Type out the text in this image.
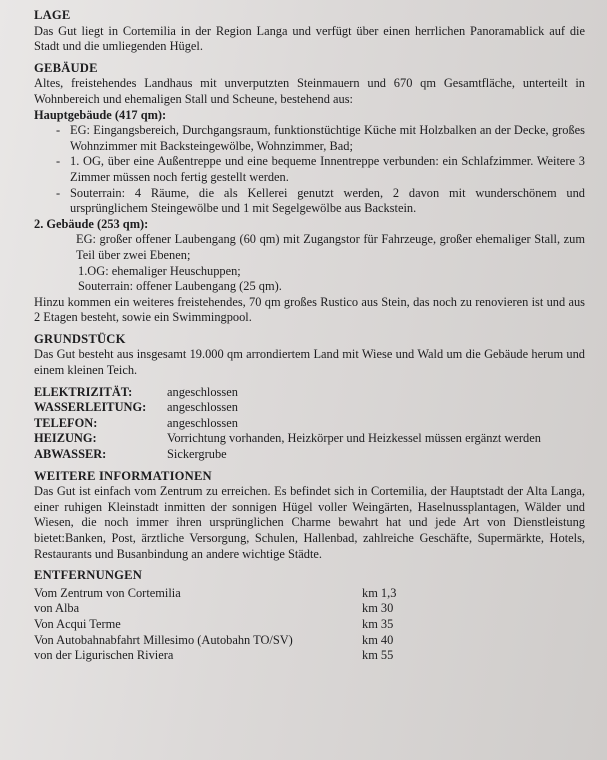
LAGE

Das Gut liegt in Cortemilia in der Region Langa und verfügt über einen herrlichen Panoramablick auf die Stadt und die umliegenden Hügel.

GEBÄUDE

Altes, freistehendes Landhaus mit unverputzten Steinmauern und 670 qm Gesamtfläche, unterteilt in Wohnbereich und ehemaligen Stall und Scheune, bestehend aus:

Hauptgebäude (417 qm):

- EG: Eingangsbereich, Durchgangsraum, funktionstüchtige Küche mit Holzbalken an der Decke, großes Wohnzimmer mit Backsteingewölbe, Wohnzimmer, Bad;
- 1. OG, über eine Außentreppe und eine bequeme Innentreppe verbunden: ein Schlafzimmer. Weitere 3 Zimmer müssen noch fertig gestellt werden.
- Souterrain: 4 Räume, die als Kellerei genutzt werden, 2 davon mit wunderschönem und ursprünglichem Steingewölbe und 1 mit Segelgewölbe aus Backstein.

2. Gebäude (253 qm):

EG: großer offener Laubengang (60 qm) mit Zugangstor für Fahrzeuge, großer ehemaliger Stall, zum Teil über zwei Ebenen;

1.OG: ehemaliger Heuschuppen;

Souterrain: offener Laubengang (25 qm).

Hinzu kommen ein weiteres freistehendes, 70 qm großes Rustico aus Stein, das noch zu renovieren ist und aus 2 Etagen besteht, sowie ein Swimmingpool.

GRUNDSTÜCK

Das Gut besteht aus insgesamt 19.000 qm arrondiertem Land mit Wiese und Wald um die Gebäude herum und einem kleinen Teich.

ELEKTRIZITÄT:	angeschlossen
WASSERLEITUNG:	angeschlossen
TELEFON:	angeschlossen
HEIZUNG:	Vorrichtung vorhanden, Heizkörper und Heizkessel müssen ergänzt werden
ABWASSER:	Sickergrube
WEITERE INFORMATIONEN

Das Gut ist einfach vom Zentrum zu erreichen. Es befindet sich in Cortemilia, der Hauptstadt der Alta Langa, einer ruhigen Kleinstadt inmitten der sonnigen Hügel voller Weingärten, Haselnussplantagen, Wälder und Wiesen, die noch immer ihren ursprünglichen Charme bewahrt hat und jede Art von Dienstleistung bietet:Banken, Post, ärztliche Versorgung, Schulen, Hallenbad, zahlreiche Geschäfte, Supermärkte, Hotels, Restaurants und Busanbindung an andere wichtige Städte.

ENTFERNUNGEN
Vom Zentrum von Cortemilia	km 1,3
von Alba	km 30
Von Acqui Terme	km 35
Von Autobahnabfahrt Millesimo (Autobahn TO/SV)	km 40
von der Ligurischen Riviera	km 55
